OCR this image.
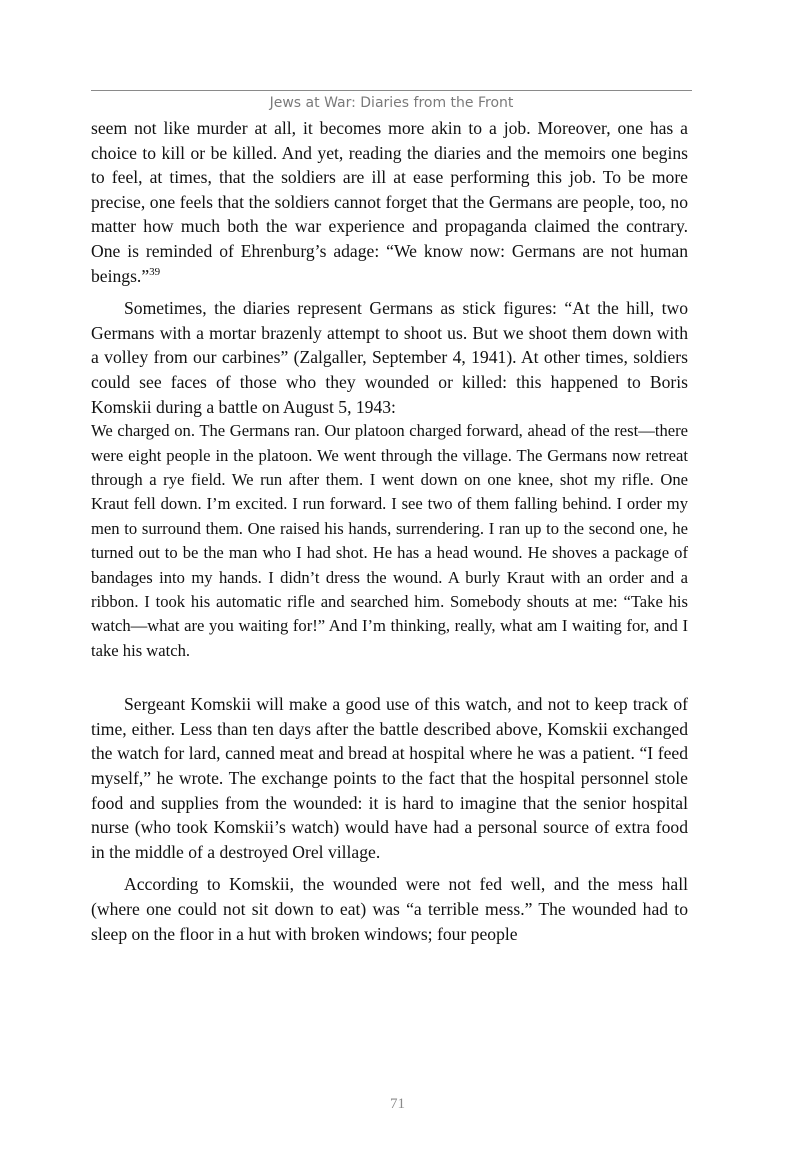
Jews at War: Diaries from the Front

seem not like murder at all, it becomes more akin to a job. Moreover, one has a choice to kill or be killed. And yet, reading the diaries and the memoirs one begins to feel, at times, that the soldiers are ill at ease performing this job. To be more precise, one feels that the soldiers cannot forget that the Germans are people, too, no matter how much both the war experience and propaganda claimed the contrary. One is reminded of Ehrenburg’s adage: “We know now: Germans are not human beings.”$^{39}$

Sometimes, the diaries represent Germans as stick figures: “At the hill, two Germans with a mortar brazenly attempt to shoot us. But we shoot them down with a volley from our carbines” (Zalgaller, September 4, 1941). At other times, soldiers could see faces of those who they wounded or killed: this happened to Boris Komskii during a battle on August 5, 1943:

We charged on. The Germans ran. Our platoon charged forward, ahead of the rest—there were eight people in the platoon. We went through the village. The Germans now retreat through a rye field. We run after them. I went down on one knee, shot my rifle. One Kraut fell down. I’m excited. I run forward. I see two of them falling behind. I order my men to surround them. One raised his hands, surrendering. I ran up to the second one, he turned out to be the man who I had shot. He has a head wound. He shoves a package of bandages into my hands. I didn’t dress the wound. A burly Kraut with an order and a ribbon. I took his automatic rifle and searched him. Somebody shouts at me: “Take his watch—what are you waiting for!” And I’m thinking, really, what am I waiting for, and I take his watch.

Sergeant Komskii will make a good use of this watch, and not to keep track of time, either. Less than ten days after the battle described above, Komskii exchanged the watch for lard, canned meat and bread at hospital where he was a patient. “I feed myself,” he wrote. The exchange points to the fact that the hospital personnel stole food and supplies from the wounded: it is hard to imagine that the senior hospital nurse (who took Komskii’s watch) would have had a personal source of extra food in the middle of a destroyed Orel village.

According to Komskii, the wounded were not fed well, and the mess hall (where one could not sit down to eat) was “a terrible mess.” The wounded had to sleep on the floor in a hut with broken windows; four people

71
